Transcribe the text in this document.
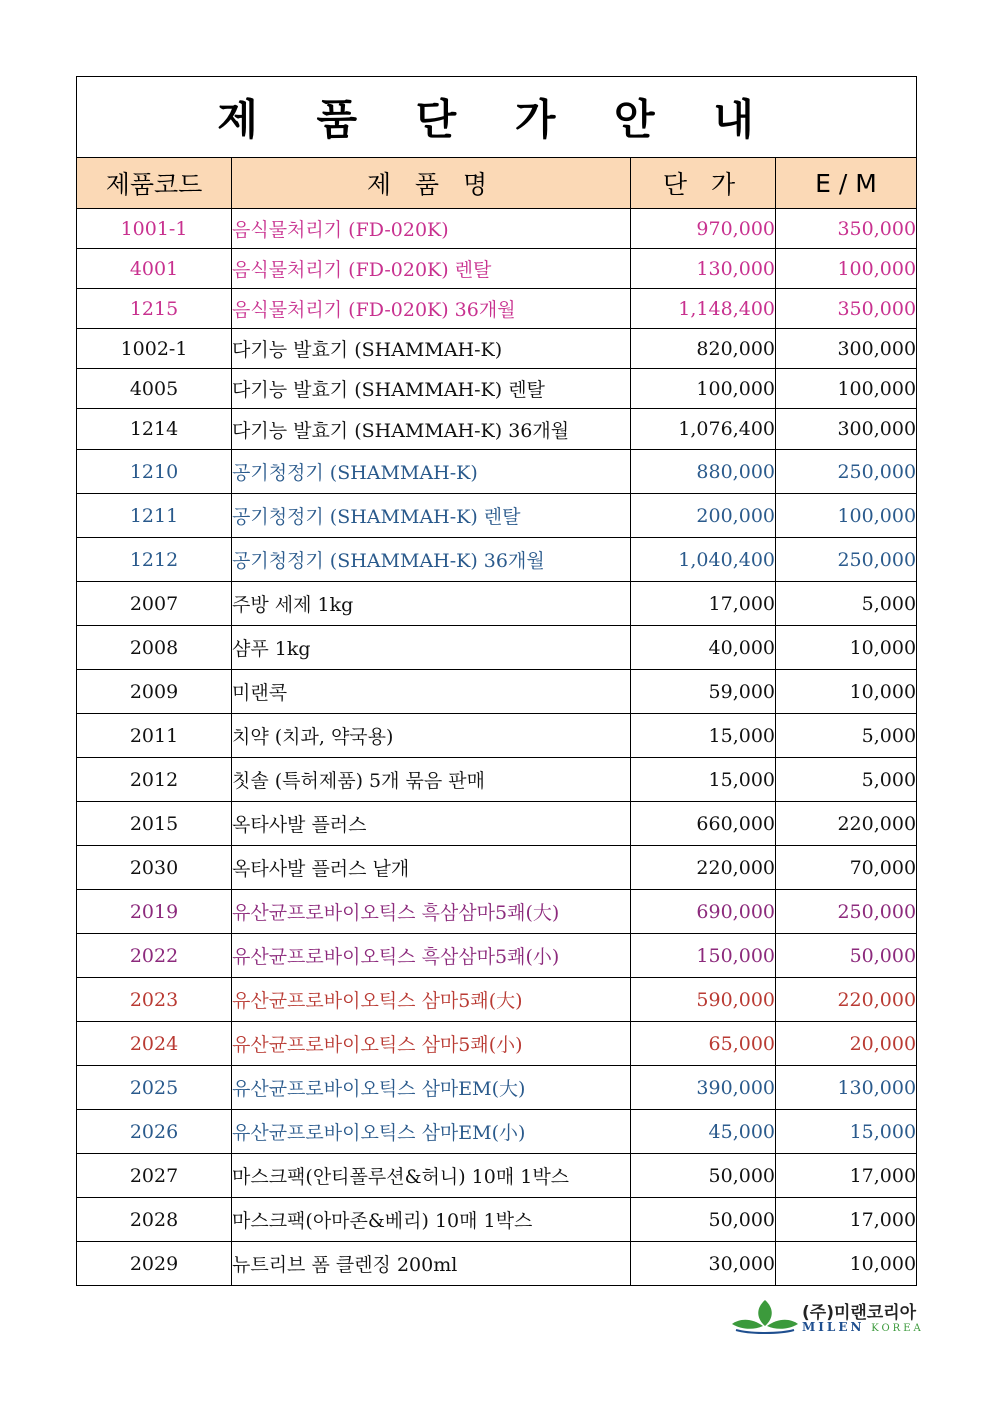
제 품 단 가 안 내			
제품코드	제 품 명	단 가	E / M
1001-1	음식물처리기 (FD-020K)	970,000	350,000
4001	음식물처리기 (FD-020K) 렌탈	130,000	100,000
1215	음식물처리기 (FD-020K) 36개월	1,148,400	350,000
1002-1	다기능 발효기 (SHAMMAH-K)	820,000	300,000
4005	다기능 발효기 (SHAMMAH-K) 렌탈	100,000	100,000
1214	다기능 발효기 (SHAMMAH-K) 36개월	1,076,400	300,000
1210	공기청정기 (SHAMMAH-K)	880,000	250,000
1211	공기청정기 (SHAMMAH-K) 렌탈	200,000	100,000
1212	공기청정기 (SHAMMAH-K) 36개월	1,040,400	250,000
2007	주방 세제 1kg	17,000	5,000
2008	샴푸 1kg	40,000	10,000
2009	미랜콕	59,000	10,000
2011	치약 (치과, 약국용)	15,000	5,000
2012	칫솔 (특허제품) 5개 묶음 판매	15,000	5,000
2015	옥타사발 플러스	660,000	220,000
2030	옥타사발 플러스 낱개	220,000	70,000
2019	유산균프로바이오틱스 흑삼삼마5쾌(大)	690,000	250,000
2022	유산균프로바이오틱스 흑삼삼마5쾌(小)	150,000	50,000
2023	유산균프로바이오틱스 삼마5쾌(大)	590,000	220,000
2024	유산균프로바이오틱스 삼마5쾌(小)	65,000	20,000
2025	유산균프로바이오틱스 삼마EM(大)	390,000	130,000
2026	유산균프로바이오틱스 삼마EM(小)	45,000	15,000
2027	마스크팩(안티폴루션&허니) 10매 1박스	50,000	17,000
2028	마스크팩(아마존&베리) 10매 1박스	50,000	17,000
2029	뉴트리브 폼 클렌징 200ml	30,000	10,000
(주)미랜코리아
MILEN KOREA
